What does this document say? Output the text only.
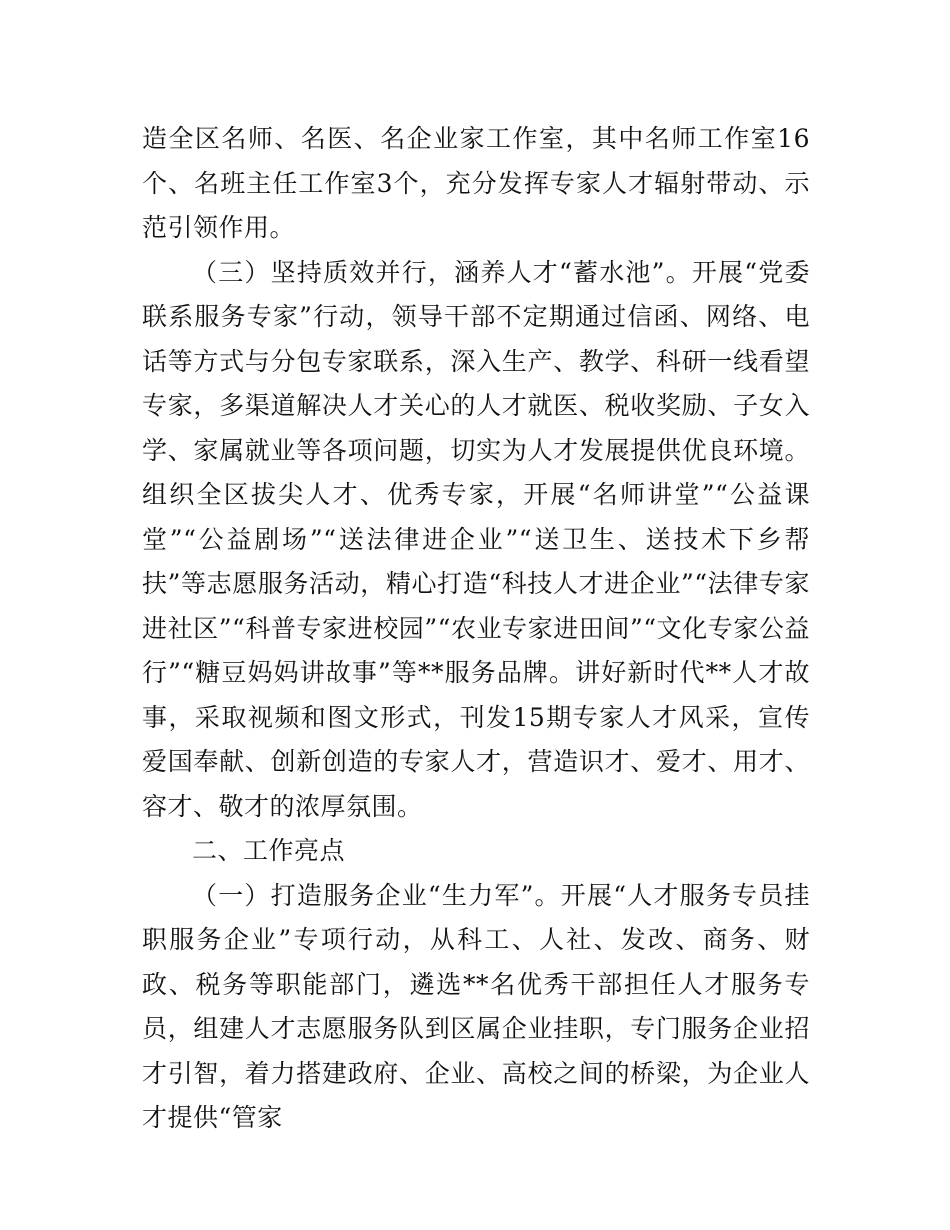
造全区名师、名医、名企业家工作室，其中名师工作室16个、名班主任工作室3个，充分发挥专家人才辐射带动、示范引领作用。

（三）坚持质效并行，涵养人才“蓄水池”。开展“党委联系服务专家”行动，领导干部不定期通过信函、网络、电话等方式与分包专家联系，深入生产、教学、科研一线看望专家，多渠道解决人才关心的人才就医、税收奖励、子女入学、家属就业等各项问题，切实为人才发展提供优良环境。组织全区拔尖人才、优秀专家，开展“名师讲堂”“公益课堂”“公益剧场”“送法律进企业”“送卫生、送技术下乡帮扶”等志愿服务活动，精心打造“科技人才进企业”“法律专家进社区”“科普专家进校园”“农业专家进田间”“文化专家公益行”“糖豆妈妈讲故事”等**服务品牌。讲好新时代**人才故事，采取视频和图文形式，刊发15期专家人才风采，宣传爱国奉献、创新创造的专家人才，营造识才、爱才、用才、容才、敬才的浓厚氛围。

二、工作亮点

（一）打造服务企业“生力军”。开展“人才服务专员挂职服务企业”专项行动，从科工、人社、发改、商务、财政、税务等职能部门，遴选**名优秀干部担任人才服务专员，组建人才志愿服务队到区属企业挂职，专门服务企业招才引智，着力搭建政府、企业、高校之间的桥梁，为企业人才提供“管家
